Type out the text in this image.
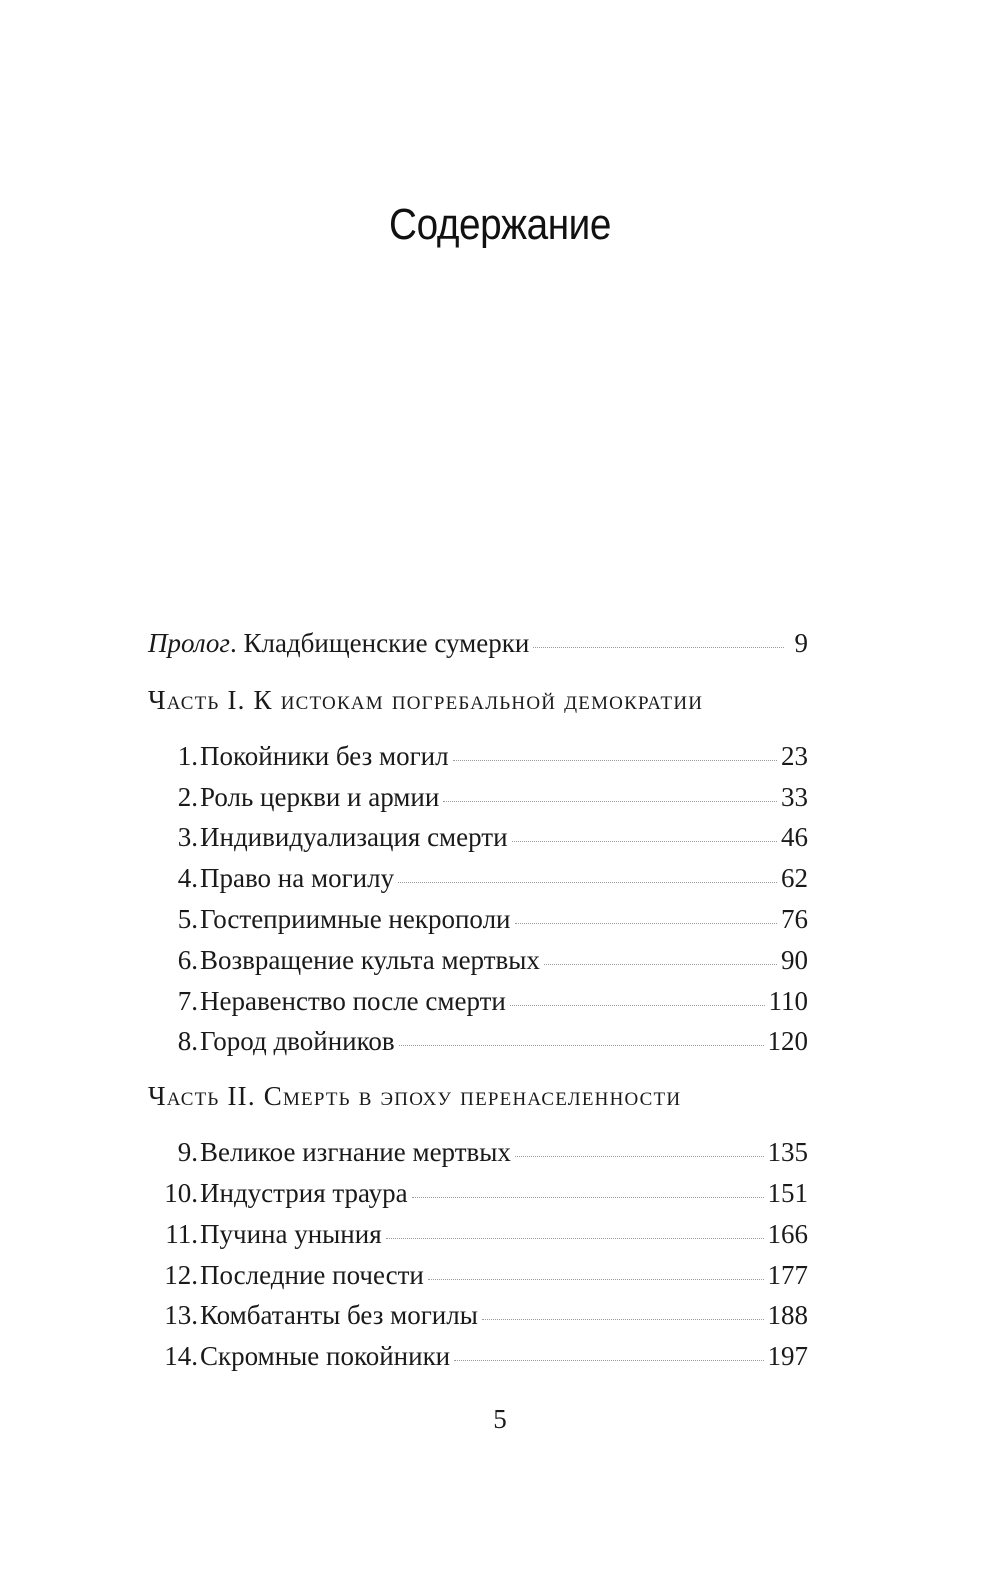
Содержание
Пролог. Кладбищенские сумерки	9
Часть I. К истокам погребальной демократии
1. Покойники без могил	23
2. Роль церкви и армии	33
3. Индивидуализация смерти	46
4. Право на могилу	62
5. Гостеприимные некрополи	76
6. Возвращение культа мертвых	90
7. Неравенство после смерти	110
8. Город двойников	120
Часть II. Смерть в эпоху перенаселенности
9. Великое изгнание мертвых	135
10. Индустрия траура	151
11. Пучина уныния	166
12. Последние почести	177
13. Комбатанты без могилы	188
14. Скромные покойники	197
5
